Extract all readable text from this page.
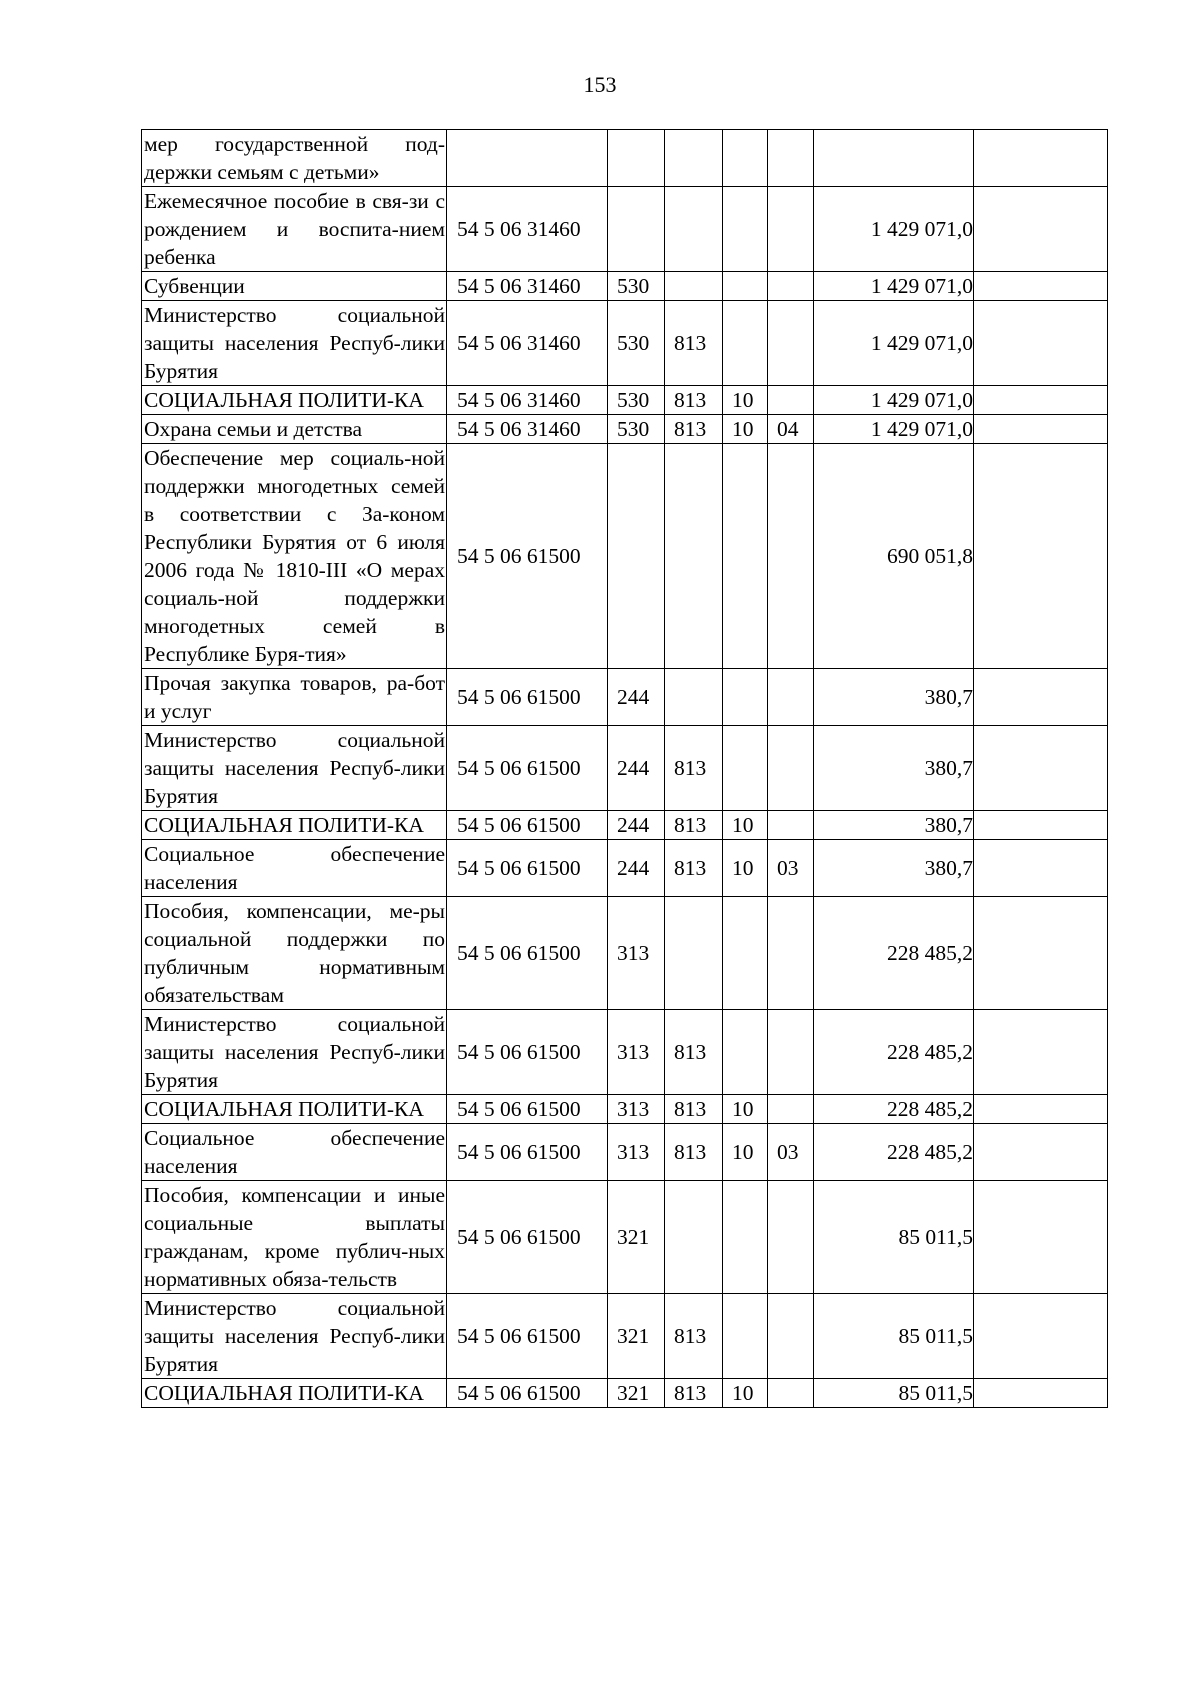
153
мер государственной под-держки семьям с детьми»							
Ежемесячное пособие в свя-зи с рождением и воспита-нием ребенка	54 5 06 31460					1 429 071,0	
Субвенции	54 5 06 31460	530				1 429 071,0	
Министерство социальной защиты населения Респуб-лики Бурятия	54 5 06 31460	530	813			1 429 071,0	
СОЦИАЛЬНАЯ ПОЛИТИ-КА	54 5 06 31460	530	813	10		1 429 071,0	
Охрана семьи и детства	54 5 06 31460	530	813	10	04	1 429 071,0	
Обеспечение мер социаль-ной поддержки многодетных семей в соответствии с За-коном Республики Бурятия от 6 июля 2006 года № 1810-III «О мерах социаль-ной поддержки многодетных семей в Республике Буря-тия»	54 5 06 61500					690 051,8	
Прочая закупка товаров, ра-бот и услуг	54 5 06 61500	244				380,7	
Министерство социальной защиты населения Респуб-лики Бурятия	54 5 06 61500	244	813			380,7	
СОЦИАЛЬНАЯ ПОЛИТИ-КА	54 5 06 61500	244	813	10		380,7	
Социальное обеспечение населения	54 5 06 61500	244	813	10	03	380,7	
Пособия, компенсации, ме-ры социальной поддержки по публичным нормативным обязательствам	54 5 06 61500	313				228 485,2	
Министерство социальной защиты населения Респуб-лики Бурятия	54 5 06 61500	313	813			228 485,2	
СОЦИАЛЬНАЯ ПОЛИТИ-КА	54 5 06 61500	313	813	10		228 485,2	
Социальное обеспечение населения	54 5 06 61500	313	813	10	03	228 485,2	
Пособия, компенсации и иные социальные выплаты гражданам, кроме публич-ных нормативных обяза-тельств	54 5 06 61500	321				85 011,5	
Министерство социальной защиты населения Респуб-лики Бурятия	54 5 06 61500	321	813			85 011,5	
СОЦИАЛЬНАЯ ПОЛИТИ-КА	54 5 06 61500	321	813	10		85 011,5	
